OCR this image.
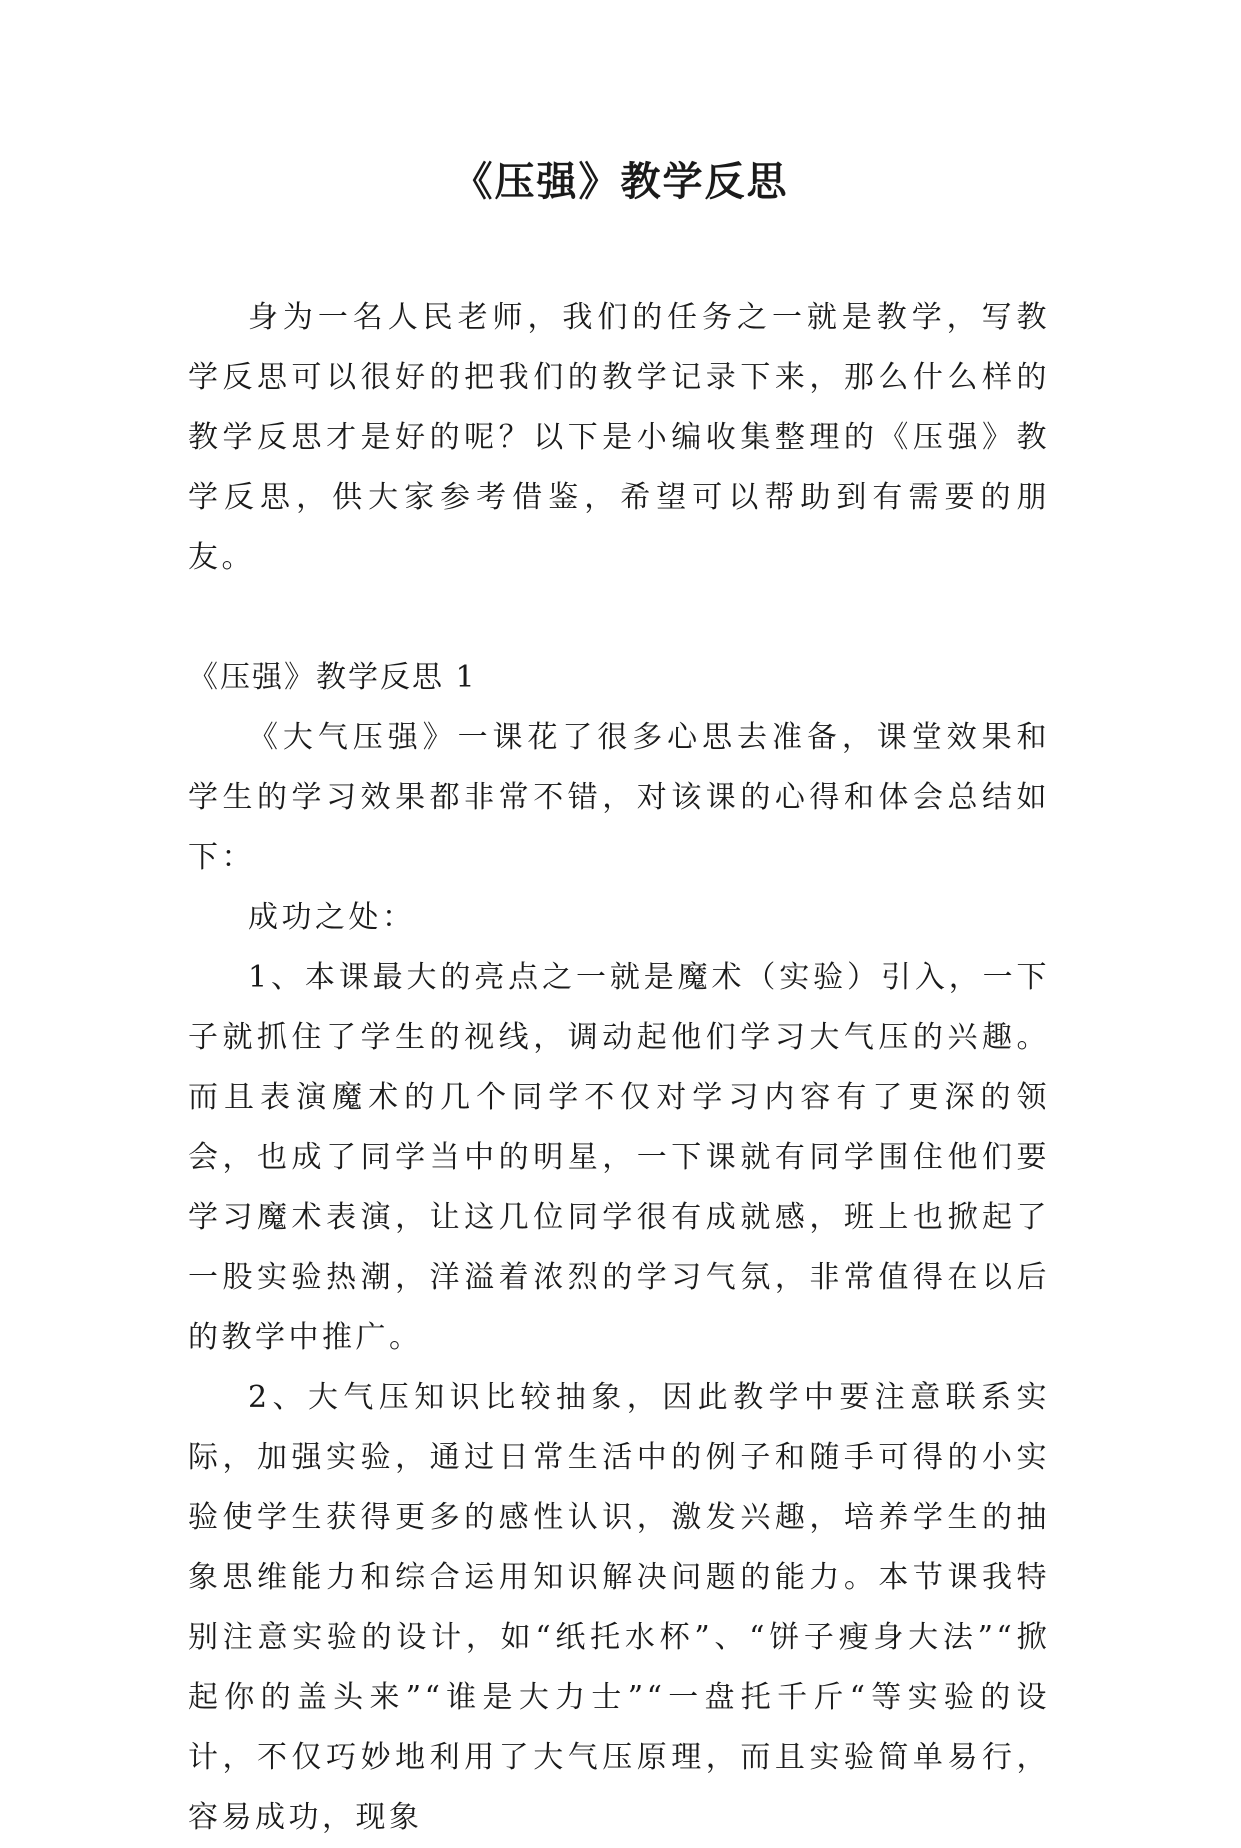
《压强》教学反思

身为一名人民老师，我们的任务之一就是教学，写教学反思可以很好的把我们的教学记录下来，那么什么样的教学反思才是好的呢？以下是小编收集整理的《压强》教学反思，供大家参考借鉴，希望可以帮助到有需要的朋友。

《压强》教学反思 1

《大气压强》一课花了很多心思去准备，课堂效果和学生的学习效果都非常不错，对该课的心得和体会总结如下：

成功之处：

1、本课最大的亮点之一就是魔术（实验）引入，一下子就抓住了学生的视线，调动起他们学习大气压的兴趣。而且表演魔术的几个同学不仅对学习内容有了更深的领会，也成了同学当中的明星，一下课就有同学围住他们要学习魔术表演，让这几位同学很有成就感，班上也掀起了一股实验热潮，洋溢着浓烈的学习气氛，非常值得在以后的教学中推广。

2、大气压知识比较抽象，因此教学中要注意联系实际，加强实验，通过日常生活中的例子和随手可得的小实验使学生获得更多的感性认识，激发兴趣，培养学生的抽象思维能力和综合运用知识解决问题的能力。本节课我特别注意实验的设计，如“纸托水杯”、“饼子瘦身大法”“掀起你的盖头来”“谁是大力士”“一盘托千斤“等实验的设计，不仅巧妙地利用了大气压原理，而且实验简单易行，容易成功，现象
